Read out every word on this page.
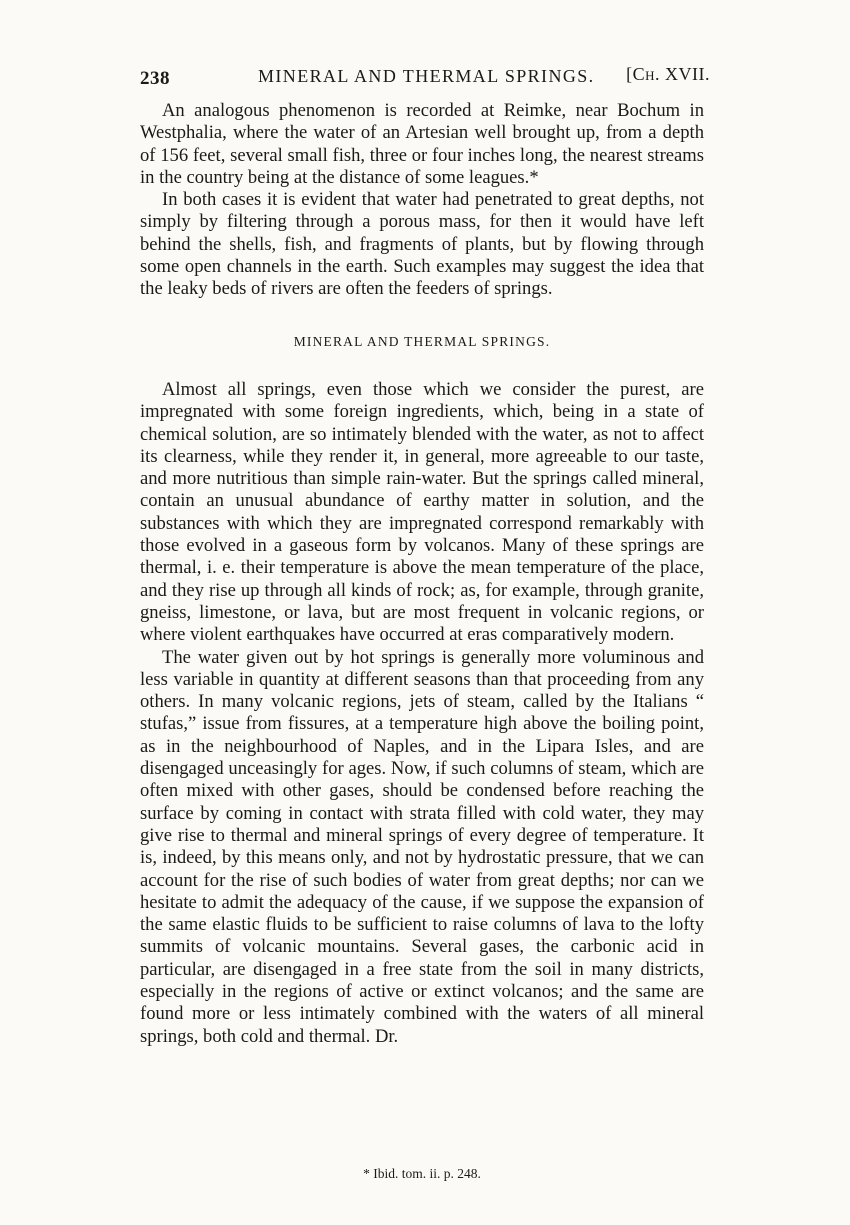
238	MINERAL AND THERMAL SPRINGS. [Ch. XVII.

An analogous phenomenon is recorded at Reimke, near Bochum in Westphalia, where the water of an Artesian well brought up, from a depth of 156 feet, several small fish, three or four inches long, the nearest streams in the country being at the distance of some leagues.*

In both cases it is evident that water had penetrated to great depths, not simply by filtering through a porous mass, for then it would have left behind the shells, fish, and fragments of plants, but by flowing through some open channels in the earth. Such examples may suggest the idea that the leaky beds of rivers are often the feeders of springs.

MINERAL AND THERMAL SPRINGS.

Almost all springs, even those which we consider the purest, are impregnated with some foreign ingredients, which, being in a state of chemical solution, are so intimately blended with the water, as not to affect its clearness, while they render it, in general, more agreeable to our taste, and more nutritious than simple rain-water. But the springs called mineral, contain an unusual abundance of earthy matter in solution, and the substances with which they are impregnated correspond remarkably with those evolved in a gaseous form by volcanos. Many of these springs are thermal, i. e. their temperature is above the mean temperature of the place, and they rise up through all kinds of rock; as, for example, through granite, gneiss, limestone, or lava, but are most frequent in volcanic regions, or where violent earthquakes have occurred at eras comparatively modern.

The water given out by hot springs is generally more voluminous and less variable in quantity at different seasons than that proceeding from any others. In many volcanic regions, jets of steam, called by the Italians “ stufas,” issue from fissures, at a temperature high above the boiling point, as in the neighbourhood of Naples, and in the Lipara Isles, and are disengaged unceasingly for ages. Now, if such columns of steam, which are often mixed with other gases, should be condensed before reaching the surface by coming in contact with strata filled with cold water, they may give rise to thermal and mineral springs of every degree of temperature. It is, indeed, by this means only, and not by hydrostatic pressure, that we can account for the rise of such bodies of water from great depths; nor can we hesitate to admit the adequacy of the cause, if we suppose the expansion of the same elastic fluids to be sufficient to raise columns of lava to the lofty summits of volcanic mountains. Several gases, the carbonic acid in particular, are disengaged in a free state from the soil in many districts, especially in the regions of active or extinct volcanos; and the same are found more or less intimately combined with the waters of all mineral springs, both cold and thermal. Dr.

* Ibid. tom. ii. p. 248.
